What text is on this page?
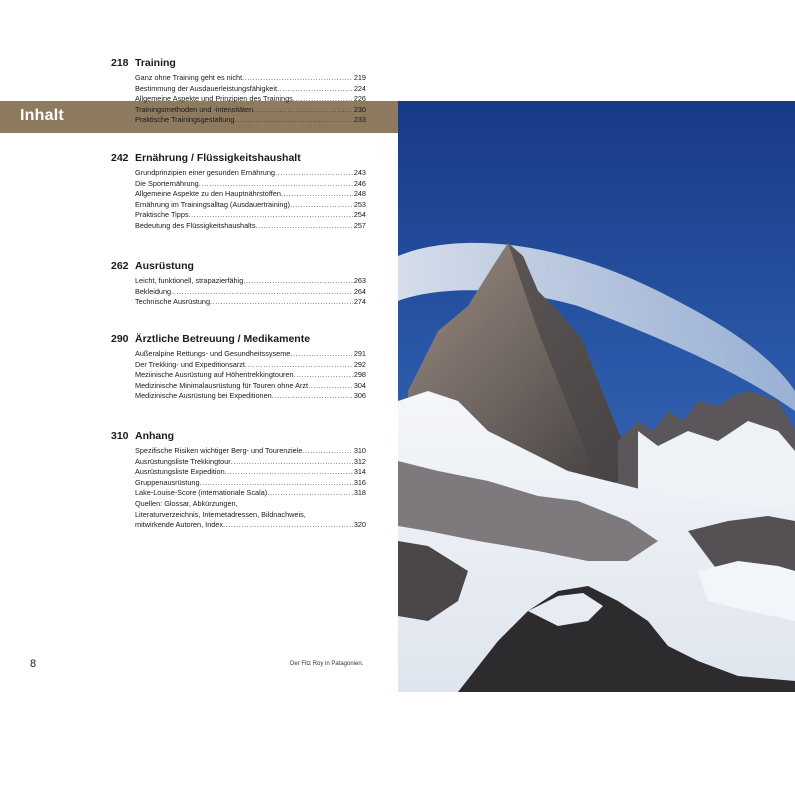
Inhalt
218 Training
Ganz ohne Training geht es nicht .....	219
Bestimmung der Ausdauerleistungsfähigkeit .....	224
Allgemeine Aspekte und Prinzipien des Trainings .....	226
Trainingsmethoden und -intensitäten .....	230
Praktische Trainingsgestaltung .....	233
242 Ernährung / Flüssigkeitshaushalt
Grundprinzipien einer gesunden Ernährung .....	243
Die Sporternährung .....	246
Allgemeine Aspekte zu den Hauptnährstoffen .....	248
Ernährung im Trainingsalltag (Ausdauertraining) .....	253
Praktische Tipps .....	254
Bedeutung des Flüssigkeitshaushalts .....	257
262 Ausrüstung
Leicht, funktionell, strapazierfähig .....	263
Bekleidung .....	264
Technische Ausrüstung .....	274
290 Ärztliche Betreuung / Medikamente
Außeralpine Rettungs- und Gesundheitssyseme .....	291
Der Trekking- und Expeditionsarzt .....	292
Meziinische Ausrüstung auf Höhentrekkingtouren .....	298
Medizinische Minimalausrüstung für Touren ohne Arzt .....	304
Medizinische Ausrüstung bei Expeditionen .....	306
310 Anhang
Spezifische Risiken wichtiger Berg- und Tourenziele .....	310
Ausrüstungsliste Trekkingtour .....	312
Ausrüstungsliste Expedition .....	314
Gruppenausrüstung .....	316
Lake-Louise-Score (internationale Scala) .....	318
Quellen: Glossar, Abkürzungen,
Literaturverzeichnis, Internetadressen, Bildnachweis,
mitwirkende Autoren, Index .....	320
8	Der Fitz Roy in Patagonien.
